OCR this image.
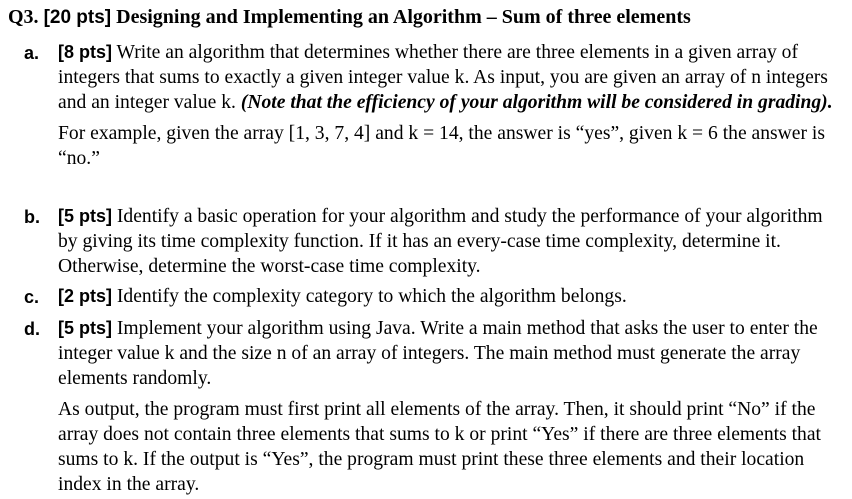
Q3. [20 pts] Designing and Implementing an Algorithm – Sum of three elements
a. [8 pts] Write an algorithm that determines whether there are three elements in a given array of integers that sums to exactly a given integer value k. As input, you are given an array of n integers and an integer value k. (Note that the efficiency of your algorithm will be considered in grading).
For example, given the array [1, 3, 7, 4] and k = 14, the answer is “yes”, given k = 6 the answer is “no.”
b. [5 pts] Identify a basic operation for your algorithm and study the performance of your algorithm by giving its time complexity function. If it has an every-case time complexity, determine it. Otherwise, determine the worst-case time complexity.
c. [2 pts] Identify the complexity category to which the algorithm belongs.
d. [5 pts] Implement your algorithm using Java. Write a main method that asks the user to enter the integer value k and the size n of an array of integers. The main method must generate the array elements randomly.
As output, the program must first print all elements of the array. Then, it should print “No” if the array does not contain three elements that sums to k or print “Yes” if there are three elements that sums to k. If the output is “Yes”, the program must print these three elements and their location index in the array.
